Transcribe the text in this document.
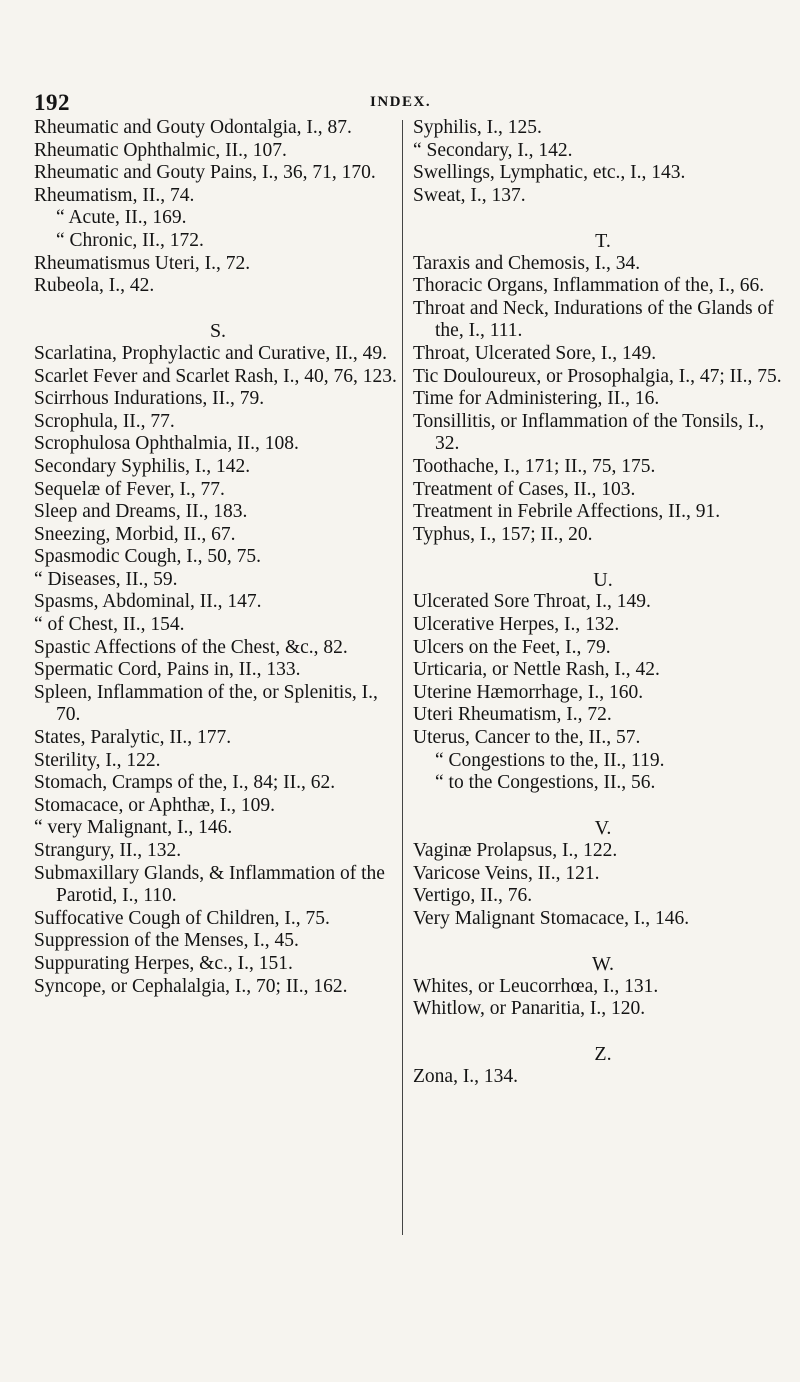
192	INDEX.

Rheumatic and Gouty Odontalgia, I., 87.

Rheumatic Ophthalmic, II., 107.

Rheumatic and Gouty Pains, I., 36, 71, 170.

Rheumatism, II., 74.

“ Acute, II., 169.

“ Chronic, II., 172.

Rheumatismus Uteri, I., 72.

Rubeola, I., 42.

S.

Scarlatina, Prophylactic and Curative, II., 49.

Scarlet Fever and Scarlet Rash, I., 40, 76, 123.

Scirrhous Indurations, II., 79.

Scrophula, II., 77.

Scrophulosa Ophthalmia, II., 108.

Secondary Syphilis, I., 142.

Sequelæ of Fever, I., 77.

Sleep and Dreams, II., 183.

Sneezing, Morbid, II., 67.

Spasmodic Cough, I., 50, 75.

“ Diseases, II., 59.

Spasms, Abdominal, II., 147.

“ of Chest, II., 154.

Spastic Affections of the Chest, &c., 82.

Spermatic Cord, Pains in, II., 133.

Spleen, Inflammation of the, or Splenitis, I., 70.

States, Paralytic, II., 177.

Sterility, I., 122.

Stomach, Cramps of the, I., 84; II., 62.

Stomacace, or Aphthæ, I., 109.

“ very Malignant, I., 146.

Strangury, II., 132.

Submaxillary Glands, & Inflammation of the Parotid, I., 110.

Suffocative Cough of Children, I., 75.

Suppression of the Menses, I., 45.

Suppurating Herpes, &c., I., 151.

Syncope, or Cephalalgia, I., 70; II., 162.

Syphilis, I., 125.

“ Secondary, I., 142.

Swellings, Lymphatic, etc., I., 143.

Sweat, I., 137.

T.

Taraxis and Chemosis, I., 34.

Thoracic Organs, Inflammation of the, I., 66.

Throat and Neck, Indurations of the Glands of the, I., 111.

Throat, Ulcerated Sore, I., 149.

Tic Douloureux, or Prosophalgia, I., 47; II., 75.

Time for Administering, II., 16.

Tonsillitis, or Inflammation of the Tonsils, I., 32.

Toothache, I., 171; II., 75, 175.

Treatment of Cases, II., 103.

Treatment in Febrile Affections, II., 91.

Typhus, I., 157; II., 20.

U.

Ulcerated Sore Throat, I., 149.

Ulcerative Herpes, I., 132.

Ulcers on the Feet, I., 79.

Urticaria, or Nettle Rash, I., 42.

Uterine Hæmorrhage, I., 160.

Uteri Rheumatism, I., 72.

Uterus, Cancer to the, II., 57.

“ Congestions to the, II., 119.

“ to the Congestions, II., 56.

V.

Vaginæ Prolapsus, I., 122.

Varicose Veins, II., 121.

Vertigo, II., 76.

Very Malignant Stomacace, I., 146.

W.

Whites, or Leucorrhœa, I., 131.

Whitlow, or Panaritia, I., 120.

Z.

Zona, I., 134.
